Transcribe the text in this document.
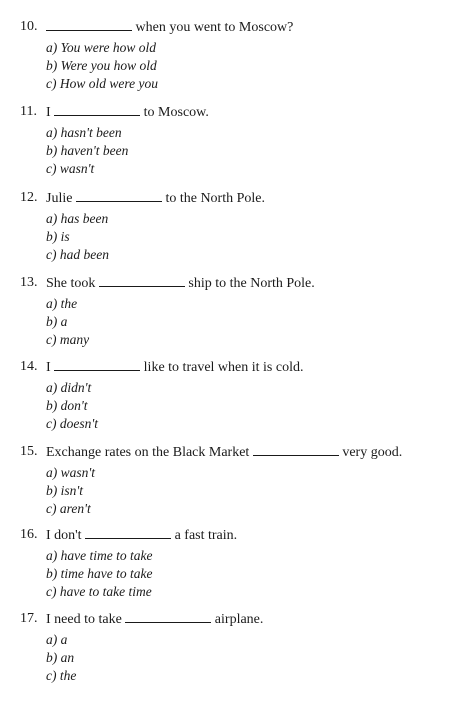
10.	when you went to Moscow?
a) You were how old
b) Were you how old
c) How old were you
11. I	to Moscow.
a) hasn't been
b) haven't been
c) wasn't
12. Julie	to the North Pole.
a) has been
b) is
c) had been
13. She took	ship to the North Pole.
a) the
b) a
c) many
14. I	like to travel when it is cold.
a) didn't
b) don't
c) doesn't
15. Exchange rates on the Black Market	very good.
a) wasn't
b) isn't
c) aren't
16. I don't	a fast train.
a) have time to take
b) time have to take
c) have to take time
17. I need to take	airplane.
a) a
b) an
c) the
